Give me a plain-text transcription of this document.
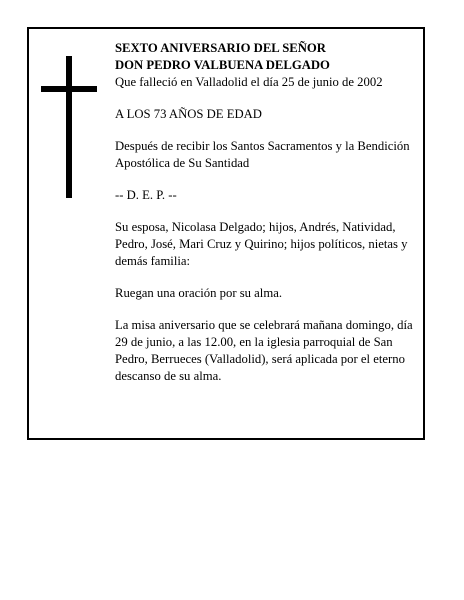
SEXTO ANIVERSARIO DEL SEÑOR
DON PEDRO VALBUENA DELGADO
Que falleció en Valladolid el día 25 de junio de 2002

A LOS 73 AÑOS DE EDAD

Después de recibir los Santos Sacramentos y la Bendición Apostólica de Su Santidad

-- D. E. P. --

Su esposa, Nicolasa Delgado; hijos, Andrés, Natividad, Pedro, José, Mari Cruz y Quirino; hijos políticos, nietas y demás familia:

Ruegan una oración por su alma.

La misa aniversario que se celebrará mañana domingo, día 29 de junio, a las 12.00, en la iglesia parroquial de San Pedro, Berrueces (Valladolid), será aplicada por el eterno descanso de su alma.
